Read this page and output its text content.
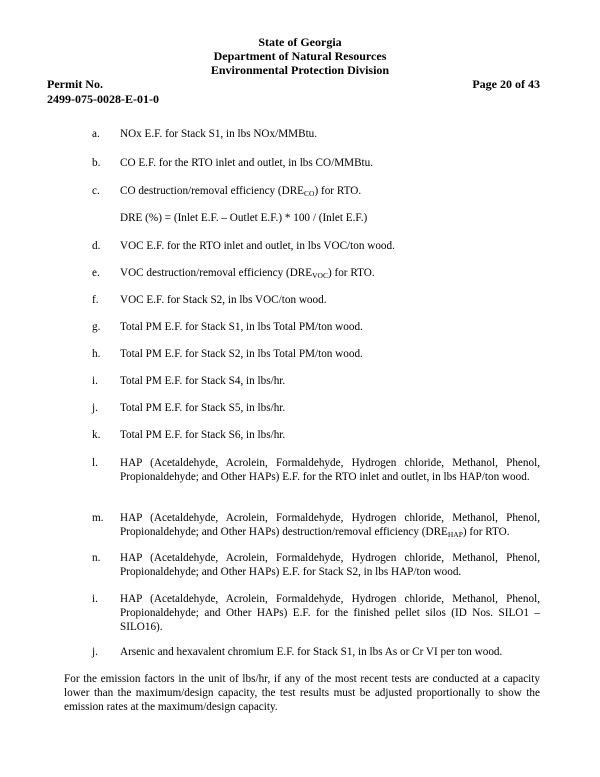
State of Georgia
Department of Natural Resources
Environmental Protection Division
Permit No.
2499-075-0028-E-01-0
Page 20 of 43
a.	NOx E.F. for Stack S1, in lbs NOx/MMBtu.
b.	CO E.F. for the RTO inlet and outlet, in lbs CO/MMBtu.
c.	CO destruction/removal efficiency $(DRE_{CO})$ for RTO.
DRE (%) = (Inlet E.F. – Outlet E.F.) * 100 / (Inlet E.F.)
d.	VOC E.F. for the RTO inlet and outlet, in lbs VOC/ton wood.
e.	VOC destruction/removal efficiency $(DRE_{VOC})$ for RTO.
f.	VOC E.F. for Stack S2, in lbs VOC/ton wood.
g.	Total PM E.F. for Stack S1, in lbs Total PM/ton wood.
h.	Total PM E.F. for Stack S2, in lbs Total PM/ton wood.
i.	Total PM E.F. for Stack S4, in lbs/hr.
j.	Total PM E.F. for Stack S5, in lbs/hr.
k.	Total PM E.F. for Stack S6, in lbs/hr.
l.	HAP (Acetaldehyde, Acrolein, Formaldehyde, Hydrogen chloride, Methanol, Phenol, Propionaldehyde; and Other HAPs) E.F. for the RTO inlet and outlet, in lbs HAP/ton wood.
m.	HAP (Acetaldehyde, Acrolein, Formaldehyde, Hydrogen chloride, Methanol, Phenol, Propionaldehyde; and Other HAPs) destruction/removal efficiency $(DRE_{HAP})$ for RTO.
n.	HAP (Acetaldehyde, Acrolein, Formaldehyde, Hydrogen chloride, Methanol, Phenol, Propionaldehyde; and Other HAPs) E.F. for Stack S2, in lbs HAP/ton wood.
i.	HAP (Acetaldehyde, Acrolein, Formaldehyde, Hydrogen chloride, Methanol, Phenol, Propionaldehyde; and Other HAPs) E.F. for the finished pellet silos (ID Nos. SILO1 – SILO16).
j.	Arsenic and hexavalent chromium E.F. for Stack S1, in lbs As or Cr VI per ton wood.
For the emission factors in the unit of lbs/hr, if any of the most recent tests are conducted at a capacity lower than the maximum/design capacity, the test results must be adjusted proportionally to show the emission rates at the maximum/design capacity.
